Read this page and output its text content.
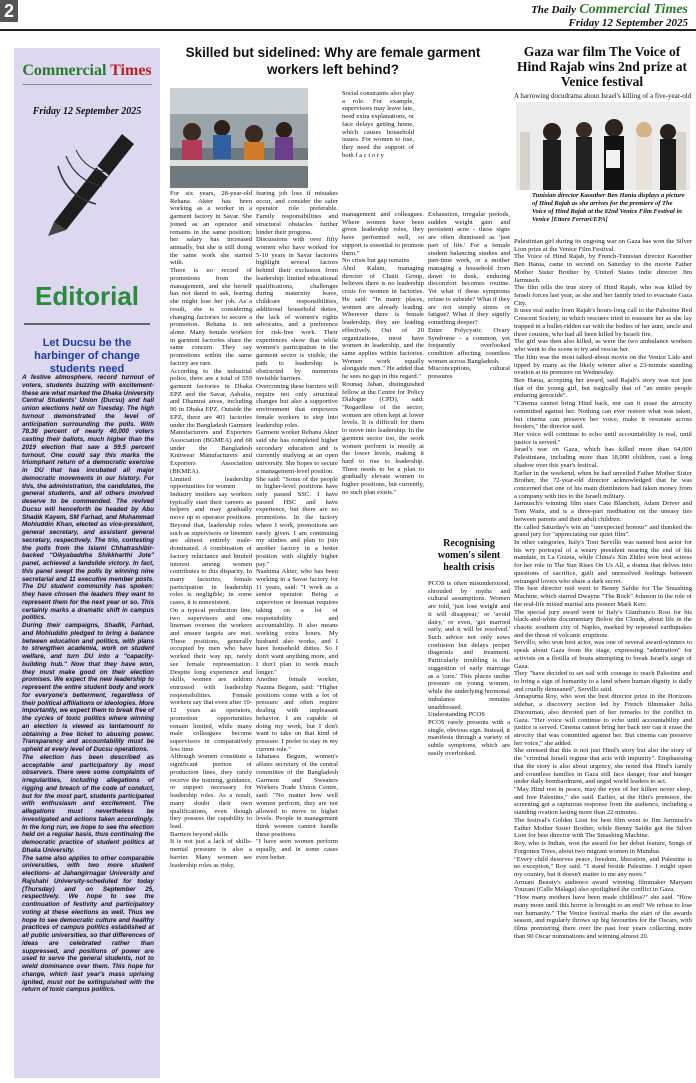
2	The Daily Commercial Times
Friday 12 September 2025
Commercial Times
Friday 12 September 2025
Editorial
Let Ducsu be the harbinger of change students need

A festive atmosphere, record turnout of voters, students buzzing with excitement- these are what marked the Dhaka University Central Students' Union (Ducsu) and hall union elections held on Tuesday. The high turnout demonstrated the level of anticipation surrounding the polls. With 78.36 percent of nearly 40,000 voters casting their ballots, much higher than the 2019 election that saw a 59.5 percent turnout. One could say this marks the triumphant return of a democratic exercise in DU that has incubated all major democratic movements in our history. For this, the administration, the candidates, the general students, and all others involved deserve to be commended. The revived Ducsu will henceforth be headed by Abu Shadik Kayem, SM Farhad, and Muhammad Mohiuddin Khan, elected as vice-president, general secretary, and assistant general secretary, respectively. The trio, contesting the polls from the Islami Chhatrashibir-backed "Oikyabaddha Shikkharthi Jote" panel, achieved a landslide victory. In fact, this panel swept the polls by winning nine secretarial and 11 executive member posts. The DU student community has spoken: they have chosen the leaders they want to represent them for the next year or so. This certainly marks a dramatic shift in campus politics.

During their campaigns, Shadik, Farhad, and Mohiuddin pledged to bring a balance between education and politics, with plans to strengthen academia, work on student welfare, and turn DU into a "capacity-building hub." Now that they have won, they must make good on their election promises. We expect the new leadership to represent the entire student body and work for everyone's betterment, regardless of their political affiliations or ideologies. More importantly, we expect them to break free of the cycles of toxic politics where winning an election is viewed as tantamount to obtaining a free ticket to abusing power. Transparency and accountability must be upheld at every level of Ducsu operations.

The election has been described as acceptable and participatory by most observers. There were some complaints of irregularities, including allegations of rigging and breach of the code of conduct, but for the most part, students participated with enthusiasm and excitement. The allegations must nevertheless be investigated and actions taken accordingly. In the long run, we hope to see the election held on a regular basis, thus continuing the democratic practice of student politics at Dhaka University.

The same also applies to other comparable universities, with two more student elections- at Jahangirnagar University and Rajshahi University-scheduled for today (Thursday) and on September 25, respectively. We hope to see the continuation of festivity and participatory voting at these elections as well. Thus we hope to see democratic culture and healthy practices of campus politics established at all public universities, so that differences of ideas are celebrated rather than suppressed, and positions of power are used to serve the general students, not to wield dominance over them. This hope for change, which last year's mass uprising ignited, must not be extinguished with the return of toxic campus politics.

Skilled but sidelined: Why are female garment workers left behind?
Social constraints also play a role. For example, supervisors may leave late, need extra explanations, or face delays getting home, which causes household issues. For women to rise, they need the support of both f a c t o r y

For six years, 28-year-old Rehana Akter has been working as a worker in a garment factory in Savar. She joined as an operator and remains in the same position; her salary has increased annually, but she is still doing the same work she started with.

There is no record of promotions from the management, and she herself has not dared to ask, fearing she might lose her job. As a result, she is considering changing factories to secure a promotion. Rehana is not alone. Many female workers in garment factories share the same concern. They say promotions within the same factory are rare.

According to the industrial police, there are a total of 559 garment factories in Dhaka EPZ and the Savar, Ashulia, and Dhamrai areas, including 90 in Dhaka EPZ. Outside the EPZ, there are 401 factories under the Bangladesh Garment Manufacturers and Exporters Association (BGMEA) and 68 under the Bangladesh Knitwear Manufacturers and Exporters Association (BKMEA).

Limited leadership opportunities for women

Industry insiders say workers typically start their careers as helpers and may gradually move up to operator positions. Beyond that, leadership roles such as supervisors or linemen are almost entirely male-dominated. A combination of factory reluctance and limited interest among women contributes to this disparity. In many factories, female participation in leadership roles is negligible; in some cases, it is nonexistent.

On a typical production line, two supervisors and one lineman oversee the workers and ensure targets are met. These positions, generally occupied by men who have worked their way up, rarely see female representation. Despite long experience and skills, women are seldom entrusted with leadership responsibilities. Female workers say that even after 10-12 years as operators, promotion opportunities remain limited, while many male colleagues become supervisors in comparatively less time.

Although women constitute a significant portion of production lines, they rarely receive the training, guidance, or support necessary for leadership roles. As a result, many doubt their own qualifications, even though they possess the capability to lead.

Barriers beyond skills

It is not just a lack of skills-mental pressure is also a barrier. Many women see leadership roles as risky,

fearing job loss if mistakes occur, and consider the safer operator role preferable. Family responsibilities and structural obstacles further hinder their progress.

Discussions with over fifty women who have worked for 5-10 years in Savar factories highlight several factors behind their exclusion from leadership: limited educational qualifications, challenges during maternity leave, childcare responsibilities, additional household duties, the lack of women's rights advocates, and a preference for risk-free work. Their experiences show that while women's participation in the garment sector is visible, the path to leadership is obstructed by numerous invisible barriers.

Overcoming these barriers will require not only structural changes but also a supportive environment that empowers female workers to step into leadership roles.

Garment worker Rehana Akter said she has completed higher secondary education and is currently studying at an open university. She hopes to secure a management-level position.

She said: "Some of the people in higher-level positions have only passed SSC. I have passed HSC and have experience, but there are no promotions. In the factory where I work, promotions are rarely given. I am continuing my studies and plan to join another factory in a better position with slightly higher pay."

Nashima Akter, who has been working in a Savar factory for 11 years, said: "I work as a senior operator. Being a supervisor or lineman requires taking on a lot of responsibility and accountability. It also means working extra hours. My husband also works, and I have household duties. So I don't want anything more, and I don't plan to work much longer."

Another female worker, Nazma Begum, said: "Higher positions come with a lot of pressure and often require dealing with unpleasant behavior. I am capable of doing my work, but I don't want to take on that kind of pressure. I prefer to stay in my current role."

Jahanara Begum, women's affairs secretary of the central committee of the Bangladesh Garment and Sweaters Workers Trade Union Centre, said: "No matter how well women perform, they are not allowed to move to higher levels. People in management think women cannot handle these positions.

"I have seen women perform equally, and in some cases even better.

management and colleagues. Where women have been given leadership roles, they have performed well, so support is essential to promote them."

No crisis but gap remains

Abul Kalam, managing director of Chaiti Group, believes there is no leadership crisis for women in factories. He said: "In many places, women are already leading. Wherever there is female leadership, they are leading effectively. Out of 20 organizations, most have women in leadership, and the same applies within factories. Women work equally alongside men." He added that he sees no gap in this regard."

Rounaq Jahan, distinguished fellow at the Centre for Policy Dialogue (CPD), said: "Regardless of the sector, women are often kept at lower levels. It is difficult for them to move into leadership. In the garment sector too, the work women perform is mostly at the lower levels, making it hard to rise to leadership. There needs to be a plan to gradually elevate women to higher positions, but currently, no such plan exists."

Exhaustion, irregular periods, sudden weight gain and persistent acne - these signs are often dismissed as 'just part of life.' For a female student balancing studies and part-time work, or a mother managing a household from dawn to dusk, enduring discomfort becomes routine. Yet what if these symptoms refuse to subside? What if they are not simply stress or fatigue? What if they signify something deeper?

Enter Polycystic Ovary Syndrome - a common, yet frequently overlooked condition affecting countless women across Bangladesh.

Misconceptions, cultural pressures

Recognising women's silent health crisis

PCOS is often misunderstood, shrouded by myths and cultural assumptions. Women are told, 'just lose weight and it will disappear,' or 'avoid dairy,' or even, 'get married early, and it will be resolved.' Such advice not only sows confusion but delays proper diagnosis and treatment. Particularly troubling is the suggestion of early marriage as a 'cure.' This places undue pressure on young women, while the underlying hormonal imbalance remains unaddressed.

Understanding PCOS

PCOS rarely presents with a single, obvious sign. Instead, it manifests through a variety of subtle symptoms, which are easily overlooked.

Gaza war film The Voice of Hind Rajab wins 2nd prize at Venice festival
A harrowing docudrama about Israel's killing of a five-year-old
Tunisian director Kaouther Ben Hania displays a picture of Hind Rajab as she arrives for the premiere of The Voice of Hind Rajab at the 82nd Venice Film Festival in Venice [Ettore Ferrari/EPA]

Palestinian girl during its ongoing war on Gaza has won the Silver Lion prize at the Venice Film Festival.

The Voice of Hind Rajab, by French-Tunisian director Kaouther Ben Hania, came in second on Saturday to the movie Father Mother Sister Brother by United States indie director Jim Jarmusch.

The film tells the true story of Hind Rajab, who was killed by Israeli forces last year, as she and her family tried to evacuate Gaza City.

It uses real audio from Rajab's hours-long call to the Palestine Red Crescent Society, in which rescuers tried to reassure her as she lay trapped in a bullet-ridden car with the bodies of her aunt, uncle and three cousins, who had all been killed by Israeli fire.

The girl was then also killed, as were the two ambulance workers who went to the scene to try and rescue her.

The film was the most talked-about movie on the Venice Lido and tipped by many as the likely winner after a 23-minute standing ovation at its premiere on Wednesday.

Ben Hania, accepting her award, said Rajab's story was not just that of the young girl, but tragically that of "an entire people enduring genocide".

"Cinema cannot bring Hind back, nor can it erase the atrocity committed against her. Nothing can ever restore what was taken, but cinema can preserve her voice, make it resonate across borders," the director said.

Her voice will continue to echo until accountability is real, until justice is served."

Israel's war on Gaza, which has killed more than 64,000 Palestinians, including more than 18,000 children, cast a long shadow over this year's festival.

Earlier in the weekend, when he had unveiled Father Mother Sister Brother, the 72-year-old director acknowledged that he was concerned that one of his main distributors had taken money from a company with ties to the Israeli military.

Jarmusch's winning film stars Cate Blanchett, Adam Driver and Tom Waits, and is a three-part meditation on the uneasy ties between parents and their adult children.

He called Saturday's win an "unexpected honour" and thanked the grand jury for "appreciating our quiet film".

In other categories, Italy's Toni Servillo was named best actor for his wry portrayal of a weary president nearing the end of his mandate, in La Grazia, while China's Xin Zhilei won best actress for her role in The Sun Rises On Us All, a drama that delves into questions of sacrifice, guilt and unresolved feelings between estranged lovers who share a dark secret.

The best director nod went to Benny Safdie for The Smashing Machine, which starred Dwayne "The Rock" Johnson in the role of the real-life mixed martial arts pioneer Mark Kerr.

The special jury award went to Italy's Gianfranco Rosi for his black-and-white documentary Below the Clouds, about life in the chaotic southern city of Naples, marked by repeated earthquakes and the threat of volcanic eruptions.

Servillo, who won best actor, was one of several award-winners to speak about Gaza from the stage, expressing "admiration" for activists on a flotilla of boats attempting to break Israel's siege of Gaza.

They "have decided to set sail with courage to reach Palestine and to bring a sign of humanity to a land where human dignity is daily and cruelly demeaned", Servillo said.

Annapurna Roy, who won the best director prize in the Horizons sidebar, a discovery section led by French filmmaker Julia Ducournau, also devoted part of her remarks to the conflict in Gaza. "Her voice will continue to echo until accountability and justice is served. Cinema cannot bring her back nor can it erase the atrocity that was committed against her. But cinema can preserve her voice," she added.

She stressed that this is not just Hind's story but also the story of the "criminal Israeli regime that acts with impunity". Emphasising that the story is also about urgency, she noted that Hind's family and countless families in Gaza still face danger, fear and hunger under daily bombardment, and urged world leaders to act.

"May Hind rest in peace, may the eyes of her killers never sleep, and free Palestine," she said. Earlier, at the film's premiere, the screening got a rapturous response from the audience, including a standing ovation lasting more than 22 minutes.

The festival's Golden Lion for best film went to Jim Jarmusch's Father Mother Sister Brother, while Benny Safdie got the Silver Lion for best director with The Smashing Machine.

Roy, who is Indian, won the award for her debut feature, Songs of Forgotten Trees, about two migrant women in Mumbai.

"Every child deserves peace, freedom, liberation, and Palestine is no exception," Roy said. "I stand beside Palestine. I might upset my country, but it doesn't matter to me any more."

Armani Beauty's audience award winning filmmaker Maryam Touzani (Calle Málaga) also spotlighted the conflict in Gaza.

"How many mothers have been made childless?" she said. "How many more until this horror is brought to an end? We refuse to lose our humanity." The Venice festival marks the start of the awards season, and regularly throws up big favourites for the Oscars, with films premiering there over the past four years collecting more than 90 Oscar nominations and winning almost 20.
